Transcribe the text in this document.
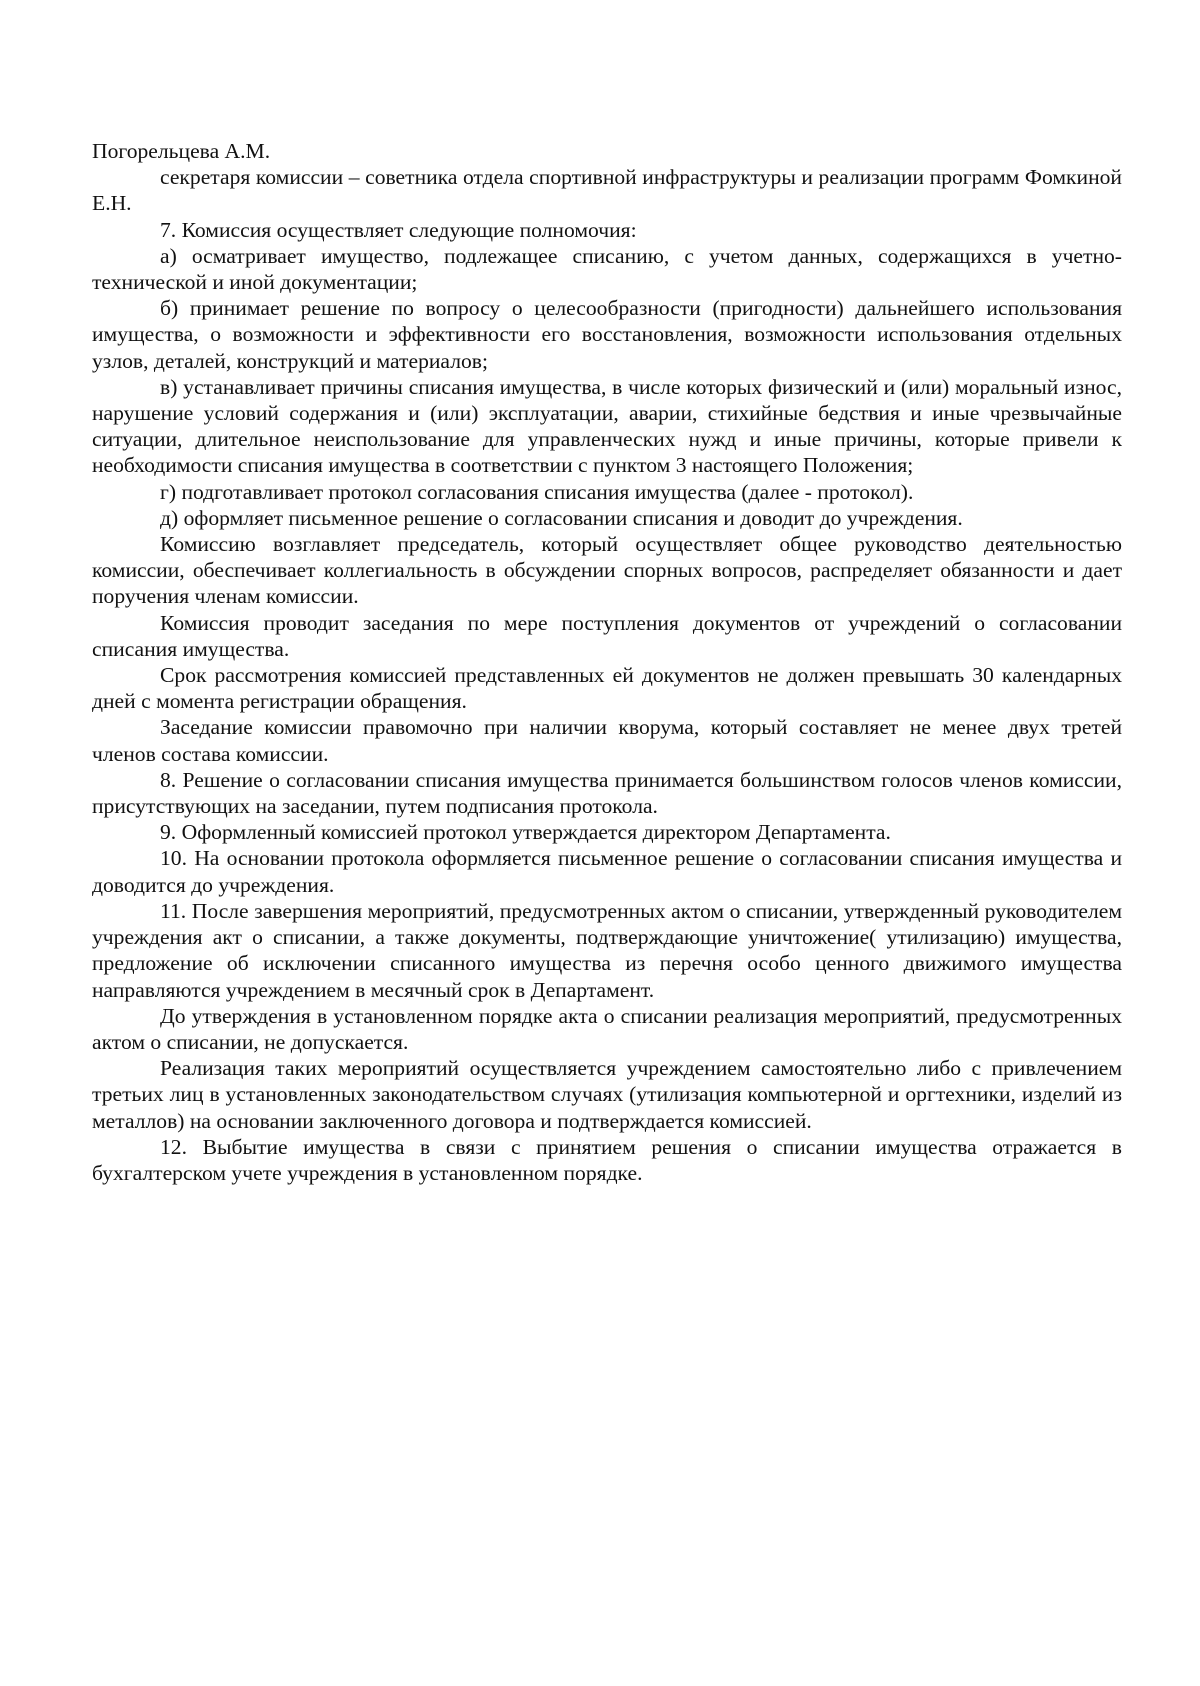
Погорельцева А.М.

секретаря комиссии – советника отдела спортивной инфраструктуры и реализации программ Фомкиной Е.Н.

7. Комиссия осуществляет следующие полномочия:

а) осматривает имущество, подлежащее списанию, с учетом данных, содержащихся в учетно-технической и иной документации;

б) принимает решение по вопросу о целесообразности (пригодности) дальнейшего использования имущества, о возможности и эффективности его восстановления, возможности использования отдельных узлов, деталей, конструкций и материалов;

в) устанавливает причины списания имущества, в числе которых физический и (или) моральный износ, нарушение условий содержания и (или) эксплуатации, аварии, стихийные бедствия и иные чрезвычайные ситуации, длительное неиспользование для управленческих нужд и иные причины, которые привели к необходимости списания имущества в соответствии с пунктом 3 настоящего Положения;

г) подготавливает протокол согласования списания имущества (далее - протокол).

д) оформляет письменное решение о согласовании списания и доводит до учреждения.

Комиссию возглавляет председатель, который осуществляет общее руководство деятельностью комиссии, обеспечивает коллегиальность в обсуждении спорных вопросов, распределяет обязанности и дает поручения членам комиссии.

Комиссия проводит заседания по мере поступления документов от учреждений о согласовании списания имущества.

Срок рассмотрения комиссией представленных ей документов не должен превышать 30 календарных дней с момента регистрации обращения.

Заседание комиссии правомочно при наличии кворума, который составляет не менее двух третей членов состава комиссии.

8. Решение о согласовании списания имущества принимается большинством голосов членов комиссии, присутствующих на заседании, путем подписания протокола.

9. Оформленный комиссией протокол утверждается директором Департамента.

10. На основании протокола оформляется письменное решение о согласовании списания имущества и доводится до учреждения.

11. После завершения мероприятий, предусмотренных актом о списании, утвержденный руководителем учреждения акт о списании, а также документы, подтверждающие уничтожение( утилизацию) имущества, предложение об исключении списанного имущества из перечня особо ценного движимого имущества направляются учреждением в месячный срок в Департамент.

До утверждения в установленном порядке акта о списании реализация мероприятий, предусмотренных актом о списании, не допускается.

Реализация таких мероприятий осуществляется учреждением самостоятельно либо с привлечением третьих лиц в установленных законодательством случаях (утилизация компьютерной и оргтехники, изделий из металлов) на основании заключенного договора и подтверждается комиссией.

12. Выбытие имущества в связи с принятием решения о списании имущества отражается в бухгалтерском учете учреждения в установленном порядке.
